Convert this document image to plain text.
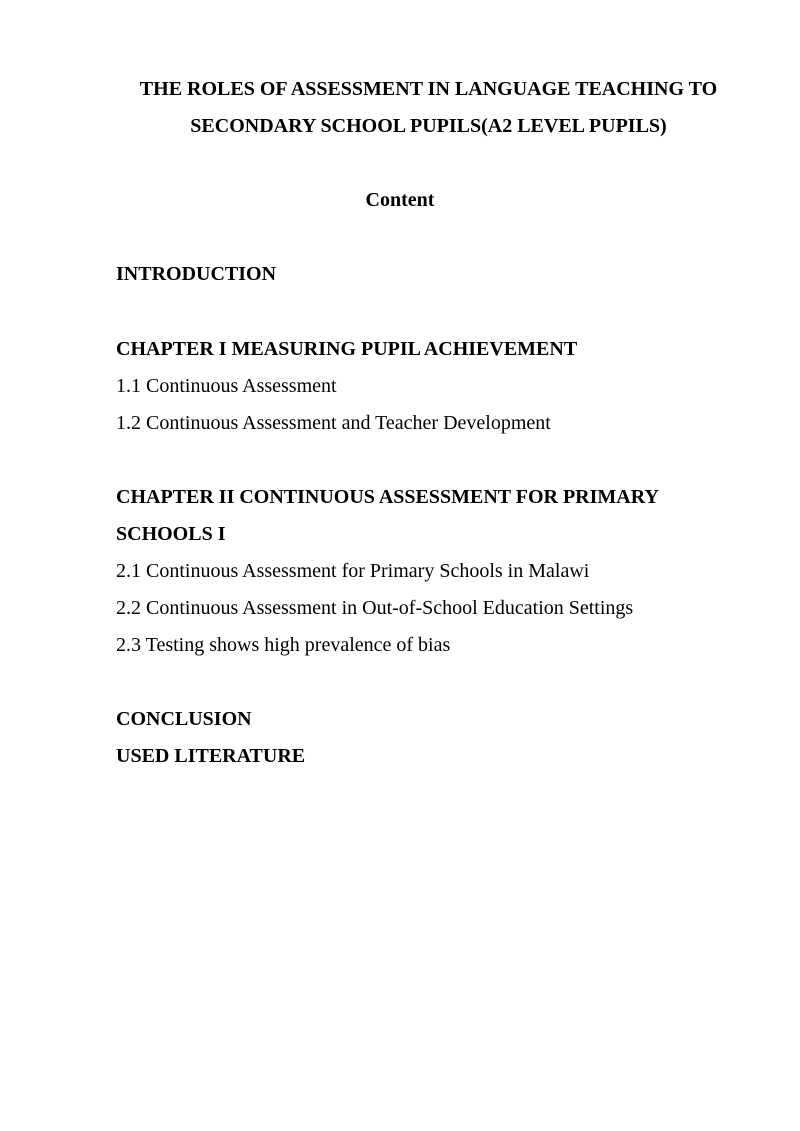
THE ROLES OF ASSESSMENT IN LANGUAGE TEACHING TO
SECONDARY SCHOOL PUPILS(A2 LEVEL PUPILS)
Content
INTRODUCTION
CHAPTER I MEASURING PUPIL ACHIEVEMENT
1.1 Continuous Assessment
1.2 Continuous Assessment and Teacher Development
CHAPTER II CONTINUOUS ASSESSMENT FOR PRIMARY
SCHOOLS I
2.1 Continuous Assessment for Primary Schools in Malawi
2.2 Continuous Assessment in Out-of-School Education Settings
2.3 Testing shows high prevalence of bias
CONCLUSION
USED LITERATURE
